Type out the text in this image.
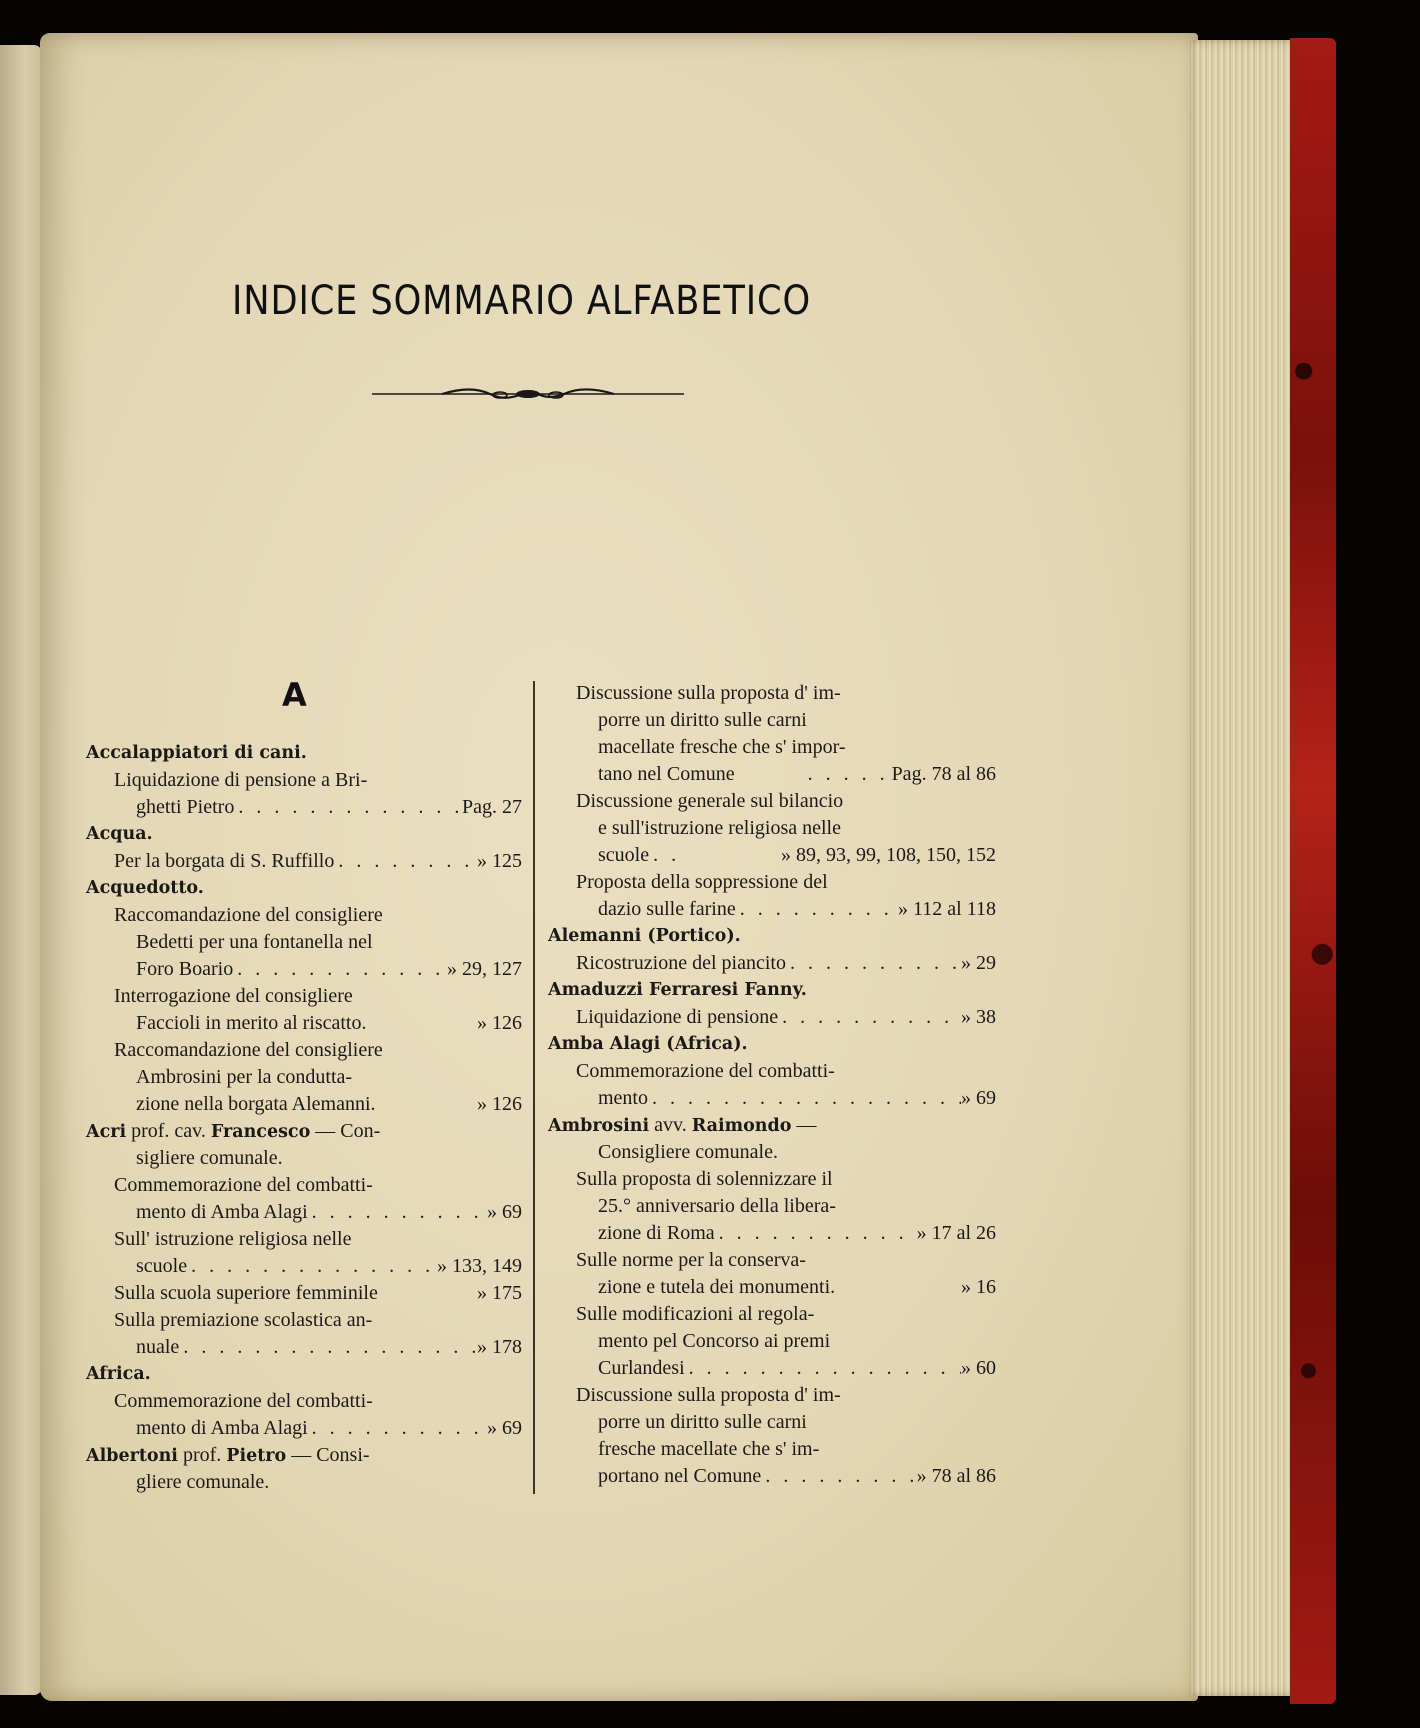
INDICE SOMMARIO ALFABETICO
A
Accalappiatori di cani.
Liquidazione di pensione a Bri-
ghetti Pietro . . .	Pag. 27
Acqua.
Per la borgata di S. Ruffillo . . .	» 125
Acquedotto.
Raccomandazione del consigliere
Bedetti per una fontanella nel
Foro Boario . . .	» 29, 127
Interrogazione del consigliere
Faccioli in merito al riscatto.	» 126
Raccomandazione del consigliere
Ambrosini per la condutta-
zione nella borgata Alemanni.	» 126
Acri prof. cav. Francesco — Con-
sigliere comunale.
Commemorazione del combatti-
mento di Amba Alagi . . .	» 69
Sull' istruzione religiosa nelle
scuole . . .	» 133, 149
Sulla scuola superiore femminile	» 175
Sulla premiazione scolastica an-
nuale . . .	» 178
Africa.
Commemorazione del combatti-
mento di Amba Alagi . . .	» 69
Albertoni prof. Pietro — Consi-
gliere comunale.
Discussione sulla proposta d' im-
porre un diritto sulle carni
macellate fresche che s' impor-
tano nel Comune . . .	Pag. 78 al 86
Discussione generale sul bilancio
e sull'istruzione religiosa nelle
scuole . . .	» 89, 93, 99, 108, 150, 152
Proposta della soppressione del
dazio sulle farine . . .	» 112 al 118
Alemanni (Portico).
Ricostruzione del piancito . . .	» 29
Amaduzzi Ferraresi Fanny.
Liquidazione di pensione . . .	» 38
Amba Alagi (Africa).
Commemorazione del combatti-
mento . . .	» 69
Ambrosini avv. Raimondo —
Consigliere comunale.
Sulla proposta di solennizzare il
25.° anniversario della libera-
zione di Roma . . .	» 17 al 26
Sulle norme per la conserva-
zione e tutela dei monumenti.	» 16
Sulle modificazioni al regola-
mento pel Concorso ai premi
Curlandesi . . .	» 60
Discussione sulla proposta d' im-
porre un diritto sulle carni
fresche macellate che s' im-
portano nel Comune . . .	» 78 al 86
